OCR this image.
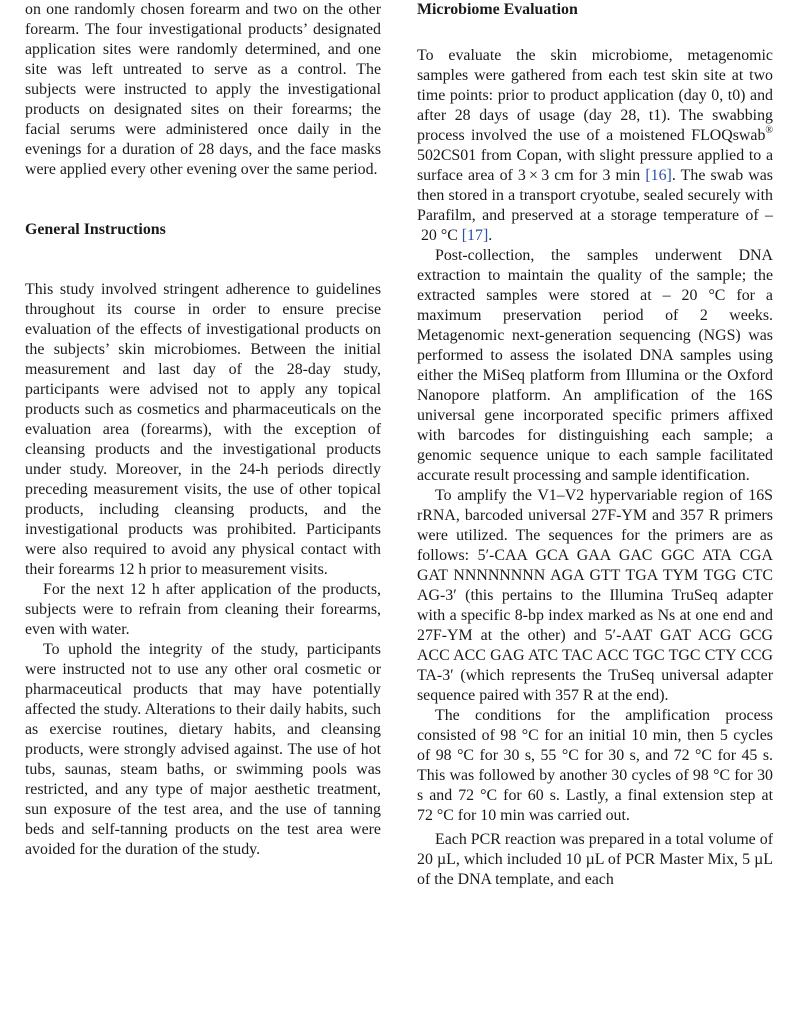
on one randomly chosen forearm and two on the other forearm. The four investigational products’ designated application sites were randomly determined, and one site was left untreated to serve as a control. The subjects were instructed to apply the investigational products on designated sites on their forearms; the facial serums were administered once daily in the evenings for a duration of 28 days, and the face masks were applied every other evening over the same period.

General Instructions

This study involved stringent adherence to guidelines throughout its course in order to ensure precise evaluation of the effects of investigational products on the subjects’ skin microbiomes. Between the initial measurement and last day of the 28-day study, participants were advised not to apply any topical products such as cosmetics and pharmaceuticals on the evaluation area (forearms), with the exception of cleansing products and the investigational products under study. Moreover, in the 24-h periods directly preceding measurement visits, the use of other topical products, including cleansing products, and the investigational products was prohibited. Participants were also required to avoid any physical contact with their forearms 12 h prior to measurement visits.

For the next 12 h after application of the products, subjects were to refrain from cleaning their forearms, even with water.

To uphold the integrity of the study, participants were instructed not to use any other oral cosmetic or pharmaceutical products that may have potentially affected the study. Alterations to their daily habits, such as exercise routines, dietary habits, and cleansing products, were strongly advised against. The use of hot tubs, saunas, steam baths, or swimming pools was restricted, and any type of major aesthetic treatment, sun exposure of the test area, and the use of tanning beds and self-tanning products on the test area were avoided for the duration of the study.

Microbiome Evaluation

To evaluate the skin microbiome, metagenomic samples were gathered from each test skin site at two time points: prior to product application (day 0, t0) and after 28 days of usage (day 28, t1). The swabbing process involved the use of a moistened FLOQswab® 502CS01 from Copan, with slight pressure applied to a surface area of 3 × 3 cm for 3 min [16]. The swab was then stored in a transport cryotube, sealed securely with Parafilm, and preserved at a storage temperature of – 20 °C [17].

Post-collection, the samples underwent DNA extraction to maintain the quality of the sample; the extracted samples were stored at – 20 °C for a maximum preservation period of 2 weeks. Metagenomic next-generation sequencing (NGS) was performed to assess the isolated DNA samples using either the MiSeq platform from Illumina or the Oxford Nanopore platform. An amplification of the 16S universal gene incorporated specific primers affixed with barcodes for distinguishing each sample; a genomic sequence unique to each sample facilitated accurate result processing and sample identification.

To amplify the V1–V2 hypervariable region of 16S rRNA, barcoded universal 27F-YM and 357 R primers were utilized. The sequences for the primers are as follows: 5′-CAA GCA GAA GAC GGC ATA CGA GAT NNNNNNNN AGA GTT TGA TYM TGG CTC AG-3′ (this pertains to the Illumina TruSeq adapter with a specific 8-bp index marked as Ns at one end and 27F-YM at the other) and 5′-AAT GAT ACG GCG ACC ACC GAG ATC TAC ACC TGC TGC CTY CCG TA-3′ (which represents the TruSeq universal adapter sequence paired with 357 R at the end).

The conditions for the amplification process consisted of 98 °C for an initial 10 min, then 5 cycles of 98 °C for 30 s, 55 °C for 30 s, and 72 °C for 45 s. This was followed by another 30 cycles of 98 °C for 30 s and 72 °C for 60 s. Lastly, a final extension step at 72 °C for 10 min was carried out.

Each PCR reaction was prepared in a total volume of 20 µL, which included 10 µL of PCR Master Mix, 5 µL of the DNA template, and each
